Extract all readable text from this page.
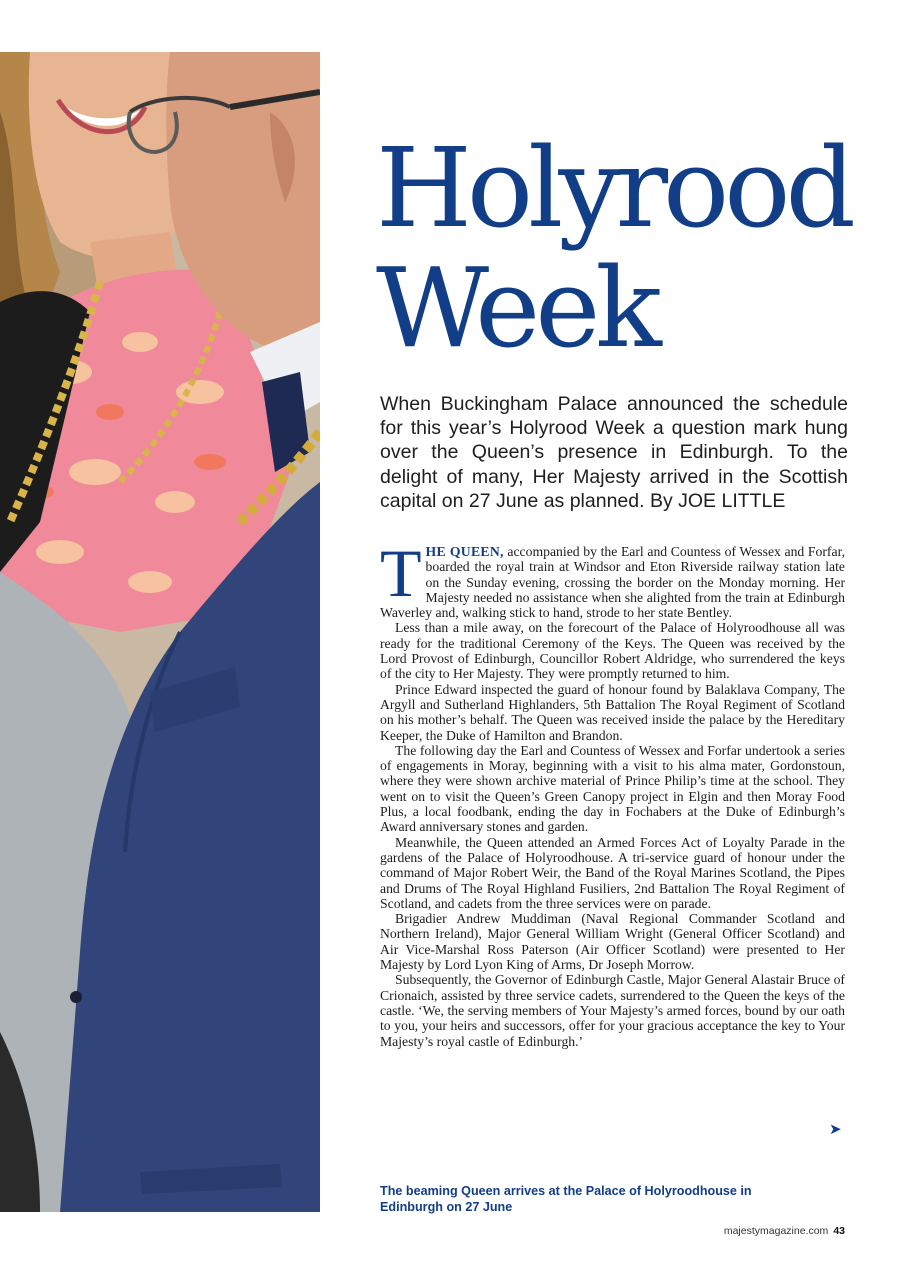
Holyrood
Week

When Buckingham Palace announced the schedule for this year’s Holyrood Week a question mark hung over the Queen’s presence in Edinburgh. To the delight of many, Her Majesty arrived in the Scottish capital on 27 June as planned. By JOE LITTLE

THE QUEEN, accompanied by the Earl and Countess of Wessex and Forfar, boarded the royal train at Windsor and Eton Riverside railway station late on the Sunday evening, crossing the border on the Monday morning. Her Majesty needed no assistance when she alighted from the train at Edinburgh Waverley and, walking stick to hand, strode to her state Bentley.

Less than a mile away, on the forecourt of the Palace of Holyroodhouse all was ready for the traditional Ceremony of the Keys. The Queen was received by the Lord Provost of Edinburgh, Councillor Robert Aldridge, who surrendered the keys of the city to Her Majesty. They were promptly returned to him.

Prince Edward inspected the guard of honour found by Balaklava Company, The Argyll and Sutherland Highlanders, 5th Battalion The Royal Regiment of Scotland on his mother’s behalf. The Queen was received inside the palace by the Hereditary Keeper, the Duke of Hamilton and Brandon.

The following day the Earl and Countess of Wessex and Forfar undertook a series of engagements in Moray, beginning with a visit to his alma mater, Gordonstoun, where they were shown archive material of Prince Philip’s time at the school. They went on to visit the Queen’s Green Canopy project in Elgin and then Moray Food Plus, a local foodbank, ending the day in Fochabers at the Duke of Edinburgh’s Award anniversary stones and garden.

Meanwhile, the Queen attended an Armed Forces Act of Loyalty Parade in the gardens of the Palace of Holyroodhouse. A tri-service guard of honour under the command of Major Robert Weir, the Band of the Royal Marines Scotland, the Pipes and Drums of The Royal Highland Fusiliers, 2nd Battalion The Royal Regiment of Scotland, and cadets from the three services were on parade.

Brigadier Andrew Muddiman (Naval Regional Commander Scotland and Northern Ireland), Major General William Wright (General Officer Scotland) and Air Vice-Marshal Ross Paterson (Air Officer Scotland) were presented to Her Majesty by Lord Lyon King of Arms, Dr Joseph Morrow.

Subsequently, the Governor of Edinburgh Castle, Major General Alastair Bruce of Crionaich, assisted by three service cadets, surrendered to the Queen the keys of the castle. ‘We, the serving members of Your Majesty’s armed forces, bound by our oath to you, your heirs and successors, offer for your gracious acceptance the key to Your Majesty’s royal castle of Edinburgh.’

➤

The beaming Queen arrives at the Palace of Holyroodhouse in Edinburgh on 27 June

majestymagazine.com 43
